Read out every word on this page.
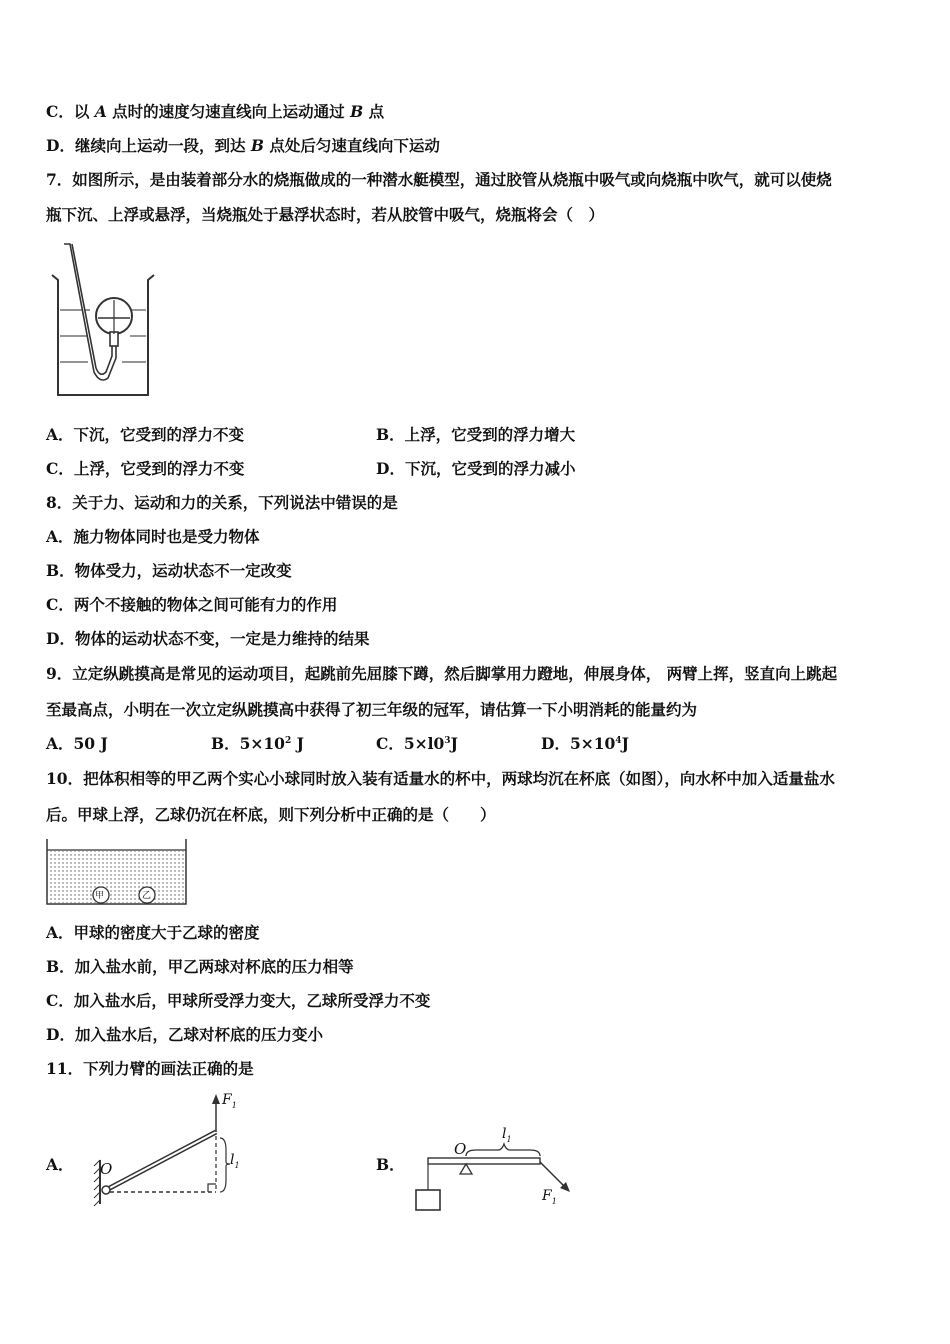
C．以 A 点时的速度匀速直线向上运动通过 B 点
D．继续向上运动一段，到达 B 点处后匀速直线向下运动
7．如图所示，是由装着部分水的烧瓶做成的一种潜水艇模型，通过胶管从烧瓶中吸气或向烧瓶中吹气，就可以使烧
瓶下沉、上浮或悬浮，当烧瓶处于悬浮状态时，若从胶管中吸气，烧瓶将会（　）
A．下沉，它受到的浮力不变	B．上浮，它受到的浮力增大
C．上浮，它受到的浮力不变	D．下沉，它受到的浮力减小
8．关于力、运动和力的关系，下列说法中错误的是
A．施力物体同时也是受力物体
B．物体受力，运动状态不一定改变
C．两个不接触的物体之间可能有力的作用
D．物体的运动状态不变，一定是力维持的结果
9．立定纵跳摸高是常见的运动项目，起跳前先屈膝下蹲，然后脚掌用力蹬地，伸展身体， 两臂上挥，竖直向上跳起
至最高点，小明在一次立定纵跳摸高中获得了初三年级的冠军，请估算一下小明消耗的能量约为
A．50 J	B．$5\times 10^2$ J	C．$5\times l0^3J$	D．$5\times 10^4J$
10．把体积相等的甲乙两个实心小球同时放入装有适量水的杯中，两球均沉在杯底（如图），向水杯中加入适量盐水
后。甲球上浮，乙球仍沉在杯底，则下列分析中正确的是（　　）
甲	乙
A．甲球的密度大于乙球的密度
B．加入盐水前，甲乙两球对杯底的压力相等
C．加入盐水后，甲球所受浮力变大，乙球所受浮力不变
D．加入盐水后，乙球对杯底的压力变小
11．下列力臂的画法正确的是
A．
$F_1$
O	$l_1$	B．
O
$l_1$
$F_1$
